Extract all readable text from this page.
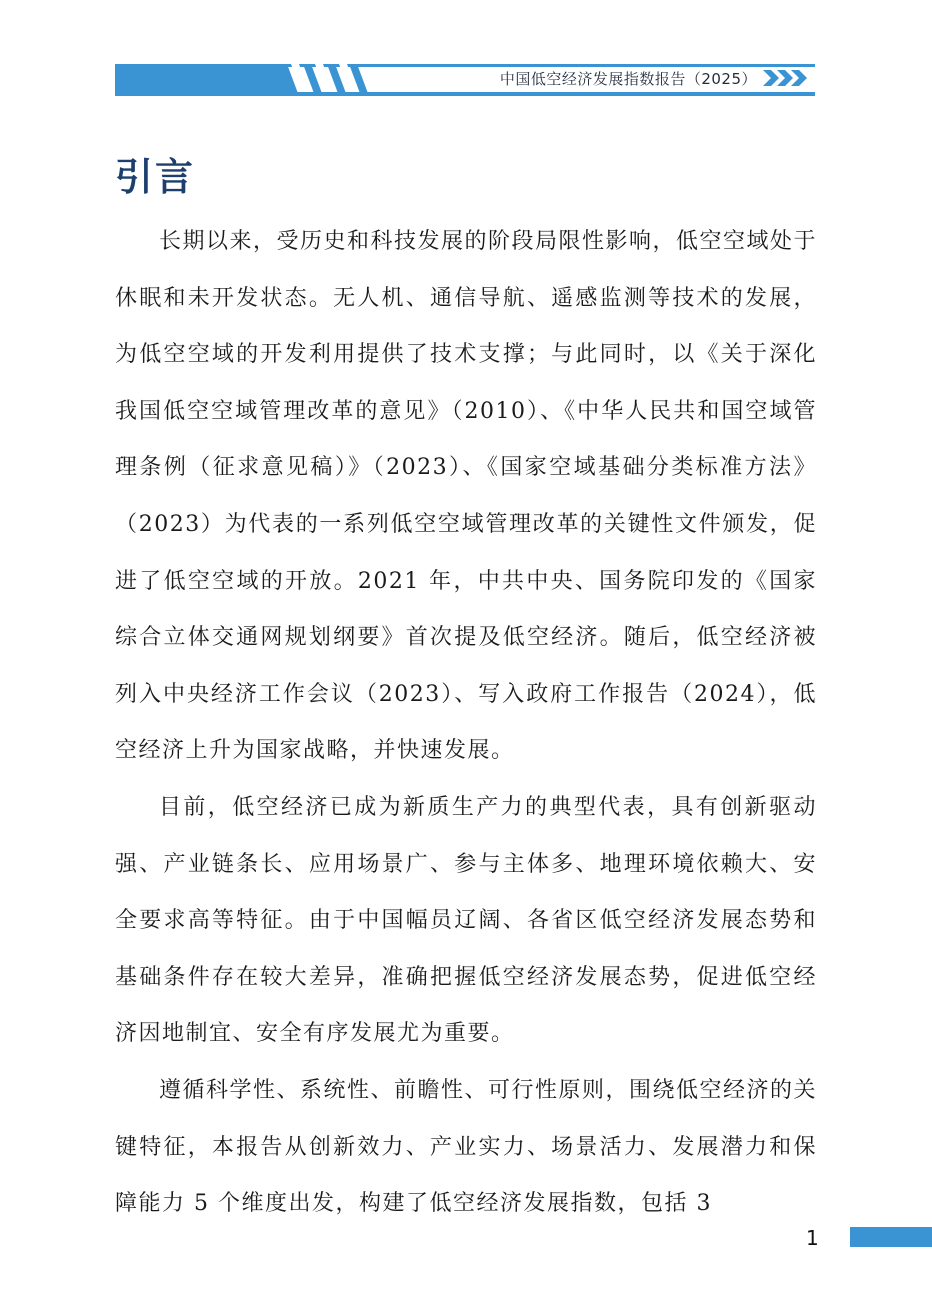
中国低空经济发展指数报告（2025）
引言

长期以来，受历史和科技发展的阶段局限性影响，低空空域处于休眠和未开发状态。无人机、通信导航、遥感监测等技术的发展，为低空空域的开发利用提供了技术支撑；与此同时，以《关于深化我国低空空域管理改革的意见》（2010）、《中华人民共和国空域管理条例（征求意见稿）》（2023）、《国家空域基础分类标准方法》（2023）为代表的一系列低空空域管理改革的关键性文件颁发，促进了低空空域的开放。2021 年，中共中央、国务院印发的《国家综合立体交通网规划纲要》首次提及低空经济。随后，低空经济被列入中央经济工作会议（2023）、写入政府工作报告（2024），低空经济上升为国家战略，并快速发展。

目前，低空经济已成为新质生产力的典型代表，具有创新驱动强、产业链条长、应用场景广、参与主体多、地理环境依赖大、安全要求高等特征。由于中国幅员辽阔、各省区低空经济发展态势和基础条件存在较大差异，准确把握低空经济发展态势，促进低空经济因地制宜、安全有序发展尤为重要。

遵循科学性、系统性、前瞻性、可行性原则，围绕低空经济的关键特征，本报告从创新效力、产业实力、场景活力、发展潜力和保障能力 5 个维度出发，构建了低空经济发展指数，包括 3

1
